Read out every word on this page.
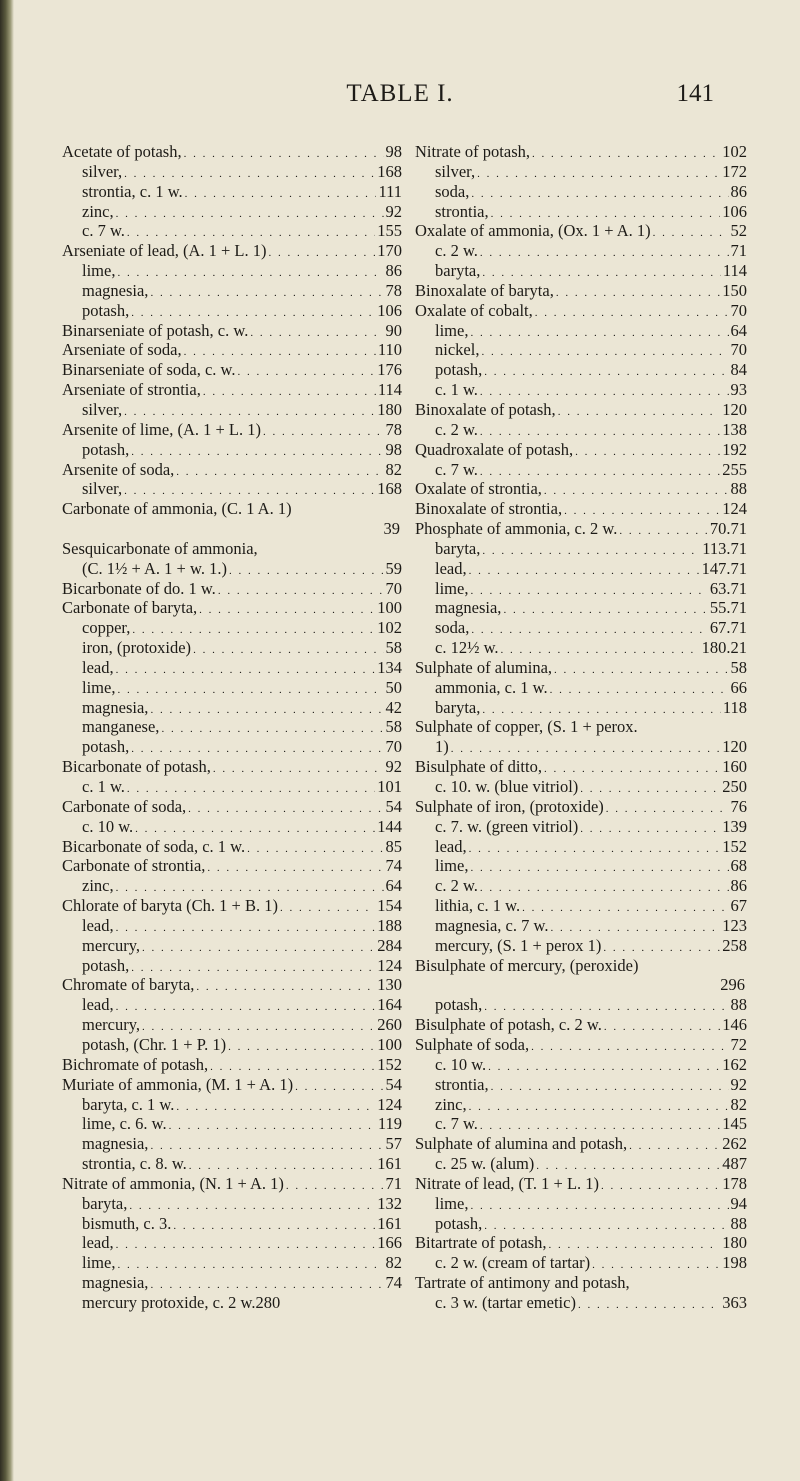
TABLE I.	141
Acetate of potash, . . .	98
silver, . . .	168
strontia, c. 1 w. . . .	111
zinc, . . .	92
c. 7 w. . . .	155
Arseniate of lead, (A. 1 + L. 1) . . .	170
lime, . . .	86
magnesia, . . .	78
potash, . . .	106
Binarseniate of potash, c. w. . . .	90
Arseniate of soda, . . .	110
Binarseniate of soda, c. w. . . .	176
Arseniate of strontia, . . .	114
silver, . . .	180
Arsenite of lime, (A. 1 + L. 1) . . .	78
potash, . . .	98
Arsenite of soda, . . .	82
silver, . . .	168
Carbonate of ammonia, (C. 1 A. 1)
39
Sesquicarbonate of ammonia,
(C. 1½ + A. 1 + w. 1.) . . .	59
Bicarbonate of do. 1 w. . . .	70
Carbonate of baryta, . . .	100
copper, . . .	102
iron, (protoxide) . . .	58
lead, . . .	134
lime, . . .	50
magnesia, . . .	42
manganese, . . .	58
potash, . . .	70
Bicarbonate of potash, . . .	92
c. 1 w. . . .	101
Carbonate of soda, . . .	54
c. 10 w. . . .	144
Bicarbonate of soda, c. 1 w. . . .	85
Carbonate of strontia, . . .	74
zinc, . . .	64
Chlorate of baryta (Ch. 1 + B. 1) . . .	154
lead, . . .	188
mercury, . . .	284
potash, . . .	124
Chromate of baryta, . . .	130
lead, . . .	164
mercury, . . .	260
potash, (Chr. 1 + P. 1) . . .	100
Bichromate of potash, . . .	152
Muriate of ammonia, (M. 1 + A. 1) . . .	54
baryta, c. 1 w. . . .	124
lime, c. 6. w. . . .	119
magnesia, . . .	57
strontia, c. 8. w. . . .	161
Nitrate of ammonia, (N. 1 + A. 1) . . .	71
baryta, . . .	132
bismuth, c. 3. . . .	161
lead, . . .	166
lime, . . .	82
magnesia, . . .	74
mercury protoxide, c. 2 w. 280
Nitrate of potash, . . .	102
silver, . . .	172
soda, . . .	86
strontia, . . .	106
Oxalate of ammonia, (Ox. 1 + A. 1) . . .	52
c. 2 w. . . .	71
baryta, . . .	114
Binoxalate of baryta, . . .	150
Oxalate of cobalt, . . .	70
lime, . . .	64
nickel, . . .	70
potash, . . .	84
c. 1 w. . . .	93
Binoxalate of potash, . . .	120
c. 2 w. . . .	138
Quadroxalate of potash, . . .	192
c. 7 w. . . .	255
Oxalate of strontia, . . .	88
Binoxalate of strontia, . . .	124
Phosphate of ammonia, c. 2 w. . . .	70.71
baryta, . . .	113.71
lead, . . .	147.71
lime, . . .	63.71
magnesia, . . .	55.71
soda, . . .	67.71
c. 12½ w. . . .	180.21
Sulphate of alumina, . . .	58
ammonia, c. 1 w. . . .	66
baryta, . . .	118
Sulphate of copper, (S. 1 + perox.
1) . . .	120
Bisulphate of ditto, . . .	160
c. 10. w. (blue vitriol) . . .	250
Sulphate of iron, (protoxide) . . .	76
c. 7. w. (green vitriol) . . .	139
lead, . . .	152
lime, . . .	68
c. 2 w. . . .	86
lithia, c. 1 w. . . .	67
magnesia, c. 7 w. . . .	123
mercury, (S. 1 + perox 1) . . .	258
Bisulphate of mercury, (peroxide)
296
potash, . . .	88
Bisulphate of potash, c. 2 w. . . .	146
Sulphate of soda, . . .	72
c. 10 w. . . .	162
strontia, . . .	92
zinc, . . .	82
c. 7 w. . . .	145
Sulphate of alumina and potash, . . .	262
c. 25 w. (alum) . . .	487
Nitrate of lead, (T. 1 + L. 1) . . .	178
lime, . . .	94
potash, . . .	88
Bitartrate of potash, . . .	180
c. 2 w. (cream of tartar) . . .	198
Tartrate of antimony and potash,
c. 3 w. (tartar emetic) . . .	363
